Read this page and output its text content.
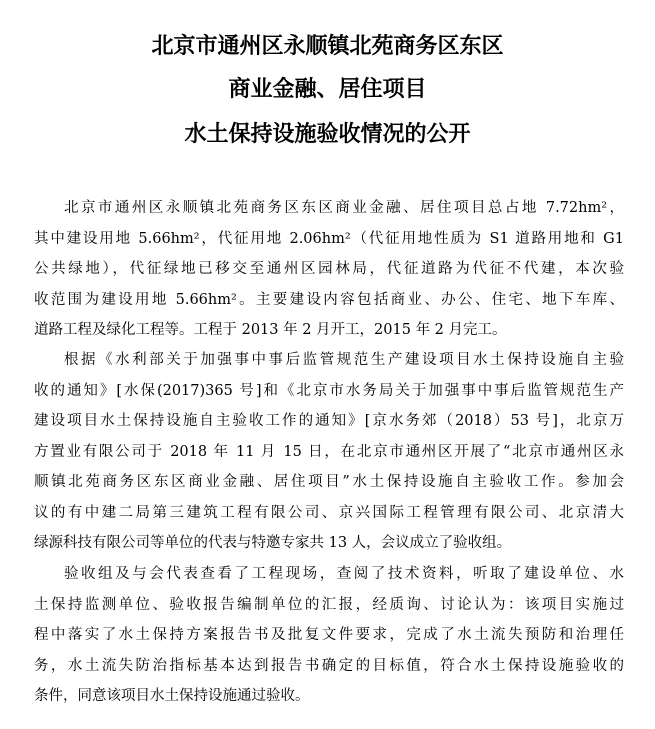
北京市通州区永顺镇北苑商务区东区
商业金融、居住项目
水土保持设施验收情况的公开
北京市通州区永顺镇北苑商务区东区商业金融、居住项目总占地 7.72hm²，
其中建设用地 5.66hm²，代征用地 2.06hm²（代征用地性质为 S1 道路用地和 G1
公共绿地），代征绿地已移交至通州区园林局，代征道路为代征不代建，本次验
收范围为建设用地 5.66hm²。主要建设内容包括商业、办公、住宅、地下车库、
道路工程及绿化工程等。工程于 2013 年 2 月开工，2015 年 2 月完工。
根据《水利部关于加强事中事后监管规范生产建设项目水土保持设施自主验
收的通知》[水保(2017)365 号]和《北京市水务局关于加强事中事后监管规范生产
建设项目水土保持设施自主验收工作的通知》[京水务郊（2018）53 号]，北京万
方置业有限公司于 2018 年 11 月 15 日，在北京市通州区开展了“北京市通州区永
顺镇北苑商务区东区商业金融、居住项目”水土保持设施自主验收工作。参加会
议的有中建二局第三建筑工程有限公司、京兴国际工程管理有限公司、北京清大
绿源科技有限公司等单位的代表与特邀专家共 13 人，会议成立了验收组。
验收组及与会代表查看了工程现场，查阅了技术资料，听取了建设单位、水
土保持监测单位、验收报告编制单位的汇报，经质询、讨论认为：该项目实施过
程中落实了水土保持方案报告书及批复文件要求，完成了水土流失预防和治理任
务，水土流失防治指标基本达到报告书确定的目标值，符合水土保持设施验收的
条件，同意该项目水土保持设施通过验收。
